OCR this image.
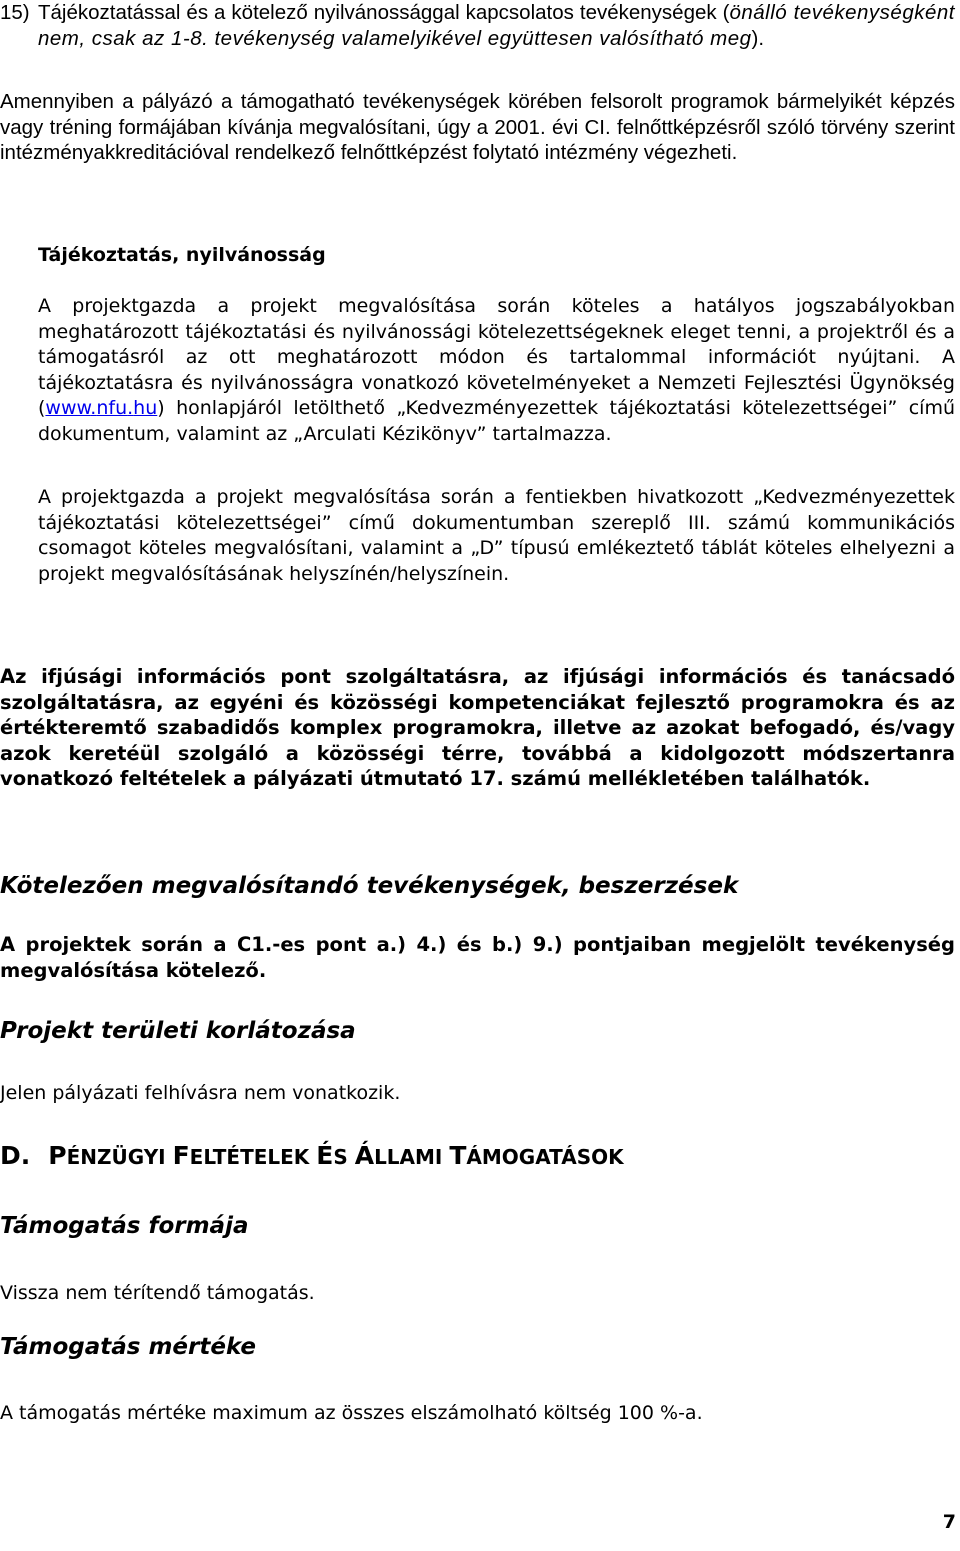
15) Tájékoztatással és a kötelező nyilvánossággal kapcsolatos tevékenységek (önálló tevékenységként nem, csak az 1-8. tevékenység valamelyikével együttesen valósítható meg).

Amennyiben a pályázó a támogatható tevékenységek körében felsorolt programok bármelyikét képzés vagy tréning formájában kívánja megvalósítani, úgy a 2001. évi CI. felnőttképzésről szóló törvény szerint intézményakkreditációval rendelkező felnőttképzést folytató intézmény végezheti.

Tájékoztatás, nyilvánosság

A projektgazda a projekt megvalósítása során köteles a hatályos jogszabályokban meghatározott tájékoztatási és nyilvánossági kötelezettségeknek eleget tenni, a projektről és a támogatásról az ott meghatározott módon és tartalommal információt nyújtani. A tájékoztatásra és nyilvánosságra vonatkozó követelményeket a Nemzeti Fejlesztési Ügynökség (www.nfu.hu) honlapjáról letölthető „Kedvezményezettek tájékoztatási kötelezettségei” című dokumentum, valamint az „Arculati Kézikönyv” tartalmazza.

A projektgazda a projekt megvalósítása során a fentiekben hivatkozott „Kedvezményezettek tájékoztatási kötelezettségei” című dokumentumban szereplő III. számú kommunikációs csomagot köteles megvalósítani, valamint a „D” típusú emlékeztető táblát köteles elhelyezni a projekt megvalósításának helyszínén/helyszínein.

Az ifjúsági információs pont szolgáltatásra, az ifjúsági információs és tanácsadó szolgáltatásra, az egyéni és közösségi kompetenciákat fejlesztő programokra és az értékteremtő szabadidős komplex programokra, illetve az azokat befogadó, és/vagy azok keretéül szolgáló a közösségi térre, továbbá a kidolgozott módszertanra vonatkozó feltételek a pályázati útmutató 17. számú mellékletében találhatók.

Kötelezően megvalósítandó tevékenységek, beszerzések

A projektek során a C1.-es pont a.) 4.) és b.) 9.) pontjaiban megjelölt tevékenység megvalósítása kötelező.

Projekt területi korlátozása
Jelen pályázati felhívásra nem vonatkozik.
D. PÉNZÜGYI FELTÉTELEK ÉS ÁLLAMI TÁMOGATÁSOK
Támogatás formája
Vissza nem térítendő támogatás.
Támogatás mértéke
A támogatás mértéke maximum az összes elszámolható költség 100 %-a.
7
